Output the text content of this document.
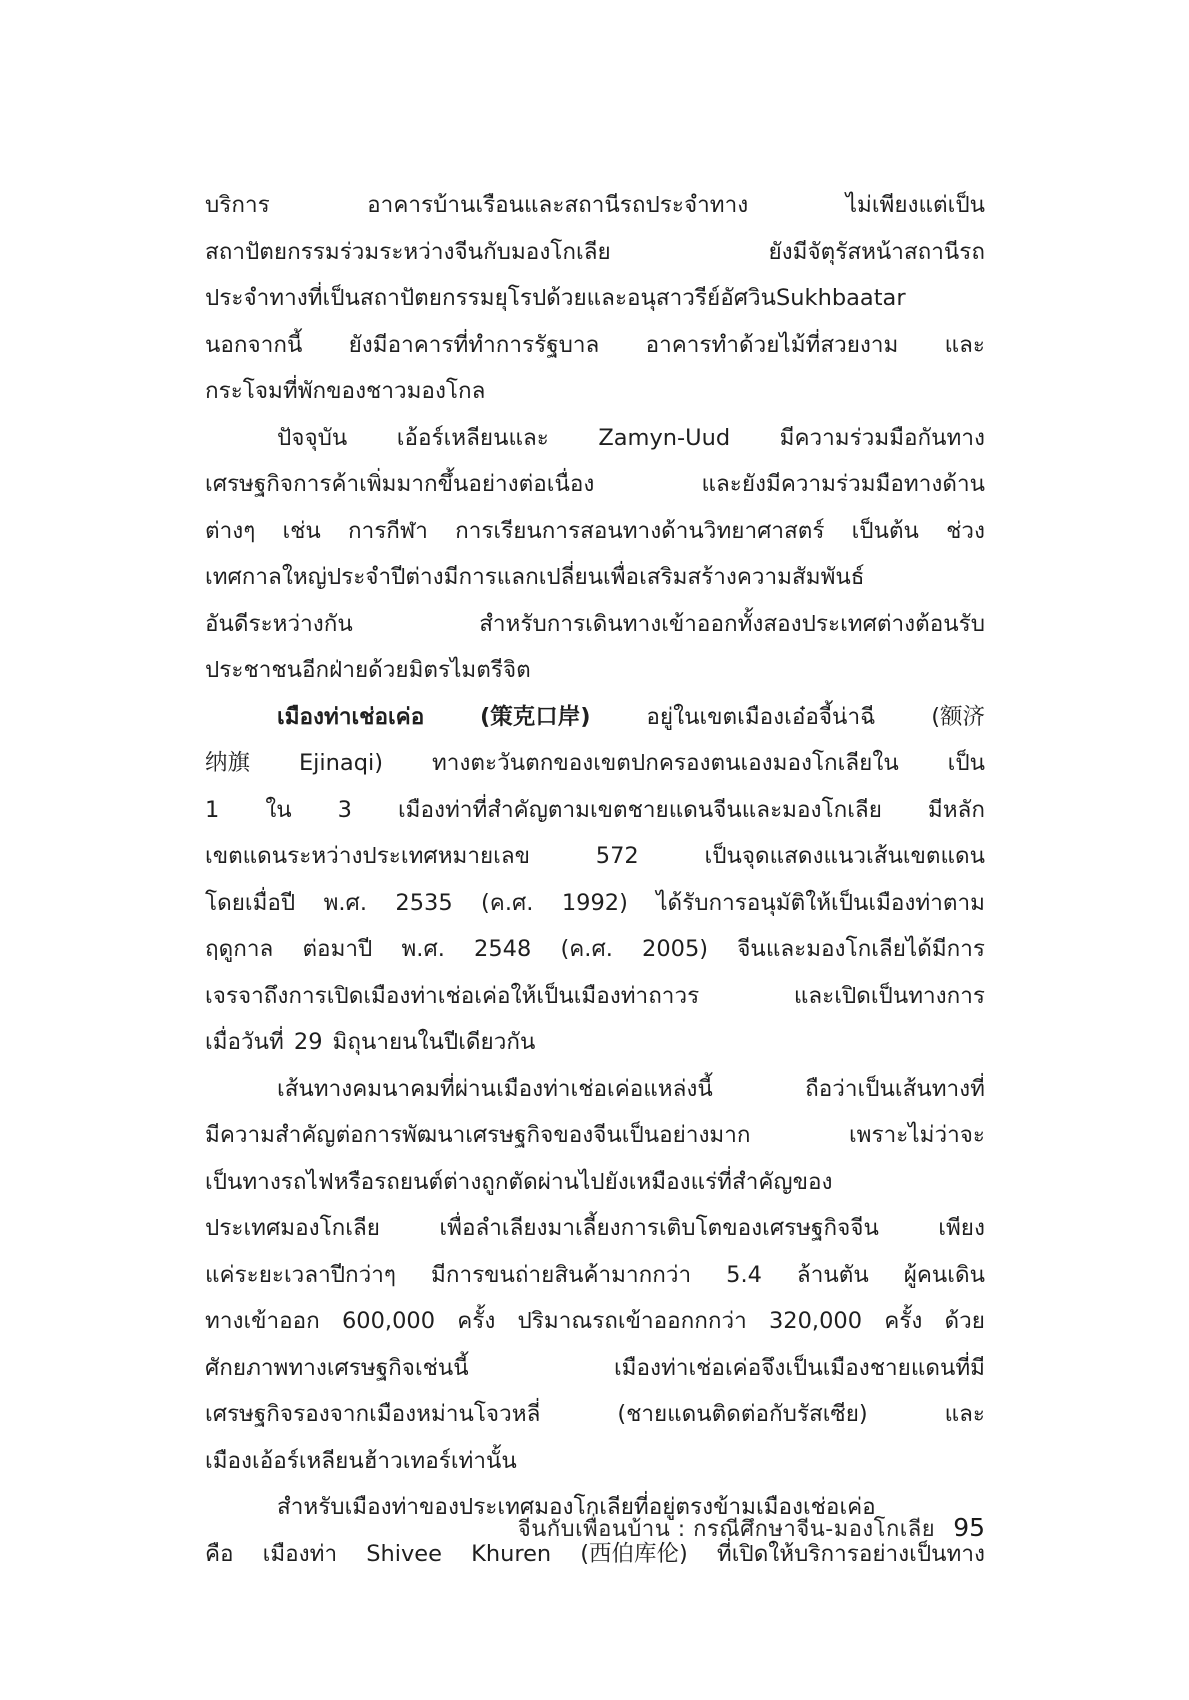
บริการ	อาคารบ้านเรือนและสถานีรถประจำทาง	ไม่เพียงแต่เป็น
สถาปัตยกรรมร่วมระหว่างจีนกับมองโกเลีย	ยังมีจัตุรัสหน้าสถานีรถ
ประจำทางที่เป็นสถาปัตยกรรมยุโรปด้วยและอนุสาวรีย์อัศวินSukhbaatar
นอกจากนี้ ยังมีอาคารที่ทำการรัฐบาล อาคารทำด้วยไม้ที่สวยงาม และ
กระโจมที่พักของชาวมองโกล
ปัจจุบัน เอ้อร์เหลียนและ Zamyn-Uud มีความร่วมมือกันทาง
เศรษฐกิจการค้าเพิ่มมากขึ้นอย่างต่อเนื่อง	และยังมีความร่วมมือทางด้าน
ต่างๆ เช่น การกีฬา การเรียนการสอนทางด้านวิทยาศาสตร์ เป็นต้น ช่วง
เทศกาลใหญ่ประจำปีต่างมีการแลกเปลี่ยนเพื่อเสริมสร้างความสัมพันธ์
อันดีระหว่างกัน	สำหรับการเดินทางเข้าออกทั้งสองประเทศต่างต้อนรับ
ประชาชนอีกฝ่ายด้วยมิตรไมตรีจิต
เมืองท่าเช่อเค่อ (策克口岸) อยู่ในเขตเมืองเอ๋อจี้น่าฉี (额济
纳旗 Ejinaqi) ทางตะวันตกของเขตปกครองตนเองมองโกเลียใน เป็น
1 ใน 3 เมืองท่าที่สำคัญตามเขตชายแดนจีนและมองโกเลีย มีหลัก
เขตแดนระหว่างประเทศหมายเลข	572	เป็นจุดแสดงแนวเส้นเขตแดน
โดยเมื่อปี พ.ศ. 2535 (ค.ศ. 1992) ได้รับการอนุมัติให้เป็นเมืองท่าตาม
ฤดูกาล ต่อมาปี พ.ศ. 2548 (ค.ศ. 2005) จีนและมองโกเลียได้มีการ
เจรจาถึงการเปิดเมืองท่าเช่อเค่อให้เป็นเมืองท่าถาวร	และเปิดเป็นทางการ
เมื่อวันที่ 29 มิถุนายนในปีเดียวกัน
เส้นทางคมนาคมที่ผ่านเมืองท่าเช่อเค่อแหล่งนี้	ถือว่าเป็นเส้นทางที่
มีความสำคัญต่อการพัฒนาเศรษฐกิจของจีนเป็นอย่างมาก	เพราะไม่ว่าจะ
เป็นทางรถไฟหรือรถยนต์ต่างถูกตัดผ่านไปยังเหมืองแร่ที่สำคัญของ
ประเทศมองโกเลีย	เพื่อลำเลียงมาเลี้ยงการเติบโตของเศรษฐกิจจีน	เพียง
แค่ระยะเวลาปีกว่าๆ มีการขนถ่ายสินค้ามากกว่า 5.4 ล้านตัน ผู้คนเดิน
ทางเข้าออก 600,000 ครั้ง ปริมาณรถเข้าออกกกว่า 320,000 ครั้ง ด้วย
ศักยภาพทางเศรษฐกิจเช่นนี้	เมืองท่าเช่อเค่อจึงเป็นเมืองชายแดนที่มี
เศรษฐกิจรองจากเมืองหม่านโจวหลี่	(ชายแดนติดต่อกับรัสเซีย)	และ
เมืองเอ้อร์เหลียนฮ้าวเทอร์เท่านั้น
สำหรับเมืองท่าของประเทศมองโกเลียที่อยู่ตรงข้ามเมืองเช่อเค่อ
คือ เมืองท่า Shivee Khuren (西伯库伦) ที่เปิดให้บริการอย่างเป็นทาง
จีนกับเพื่อนบ้าน : กรณีศึกษาจีน-มองโกเลีย 95
